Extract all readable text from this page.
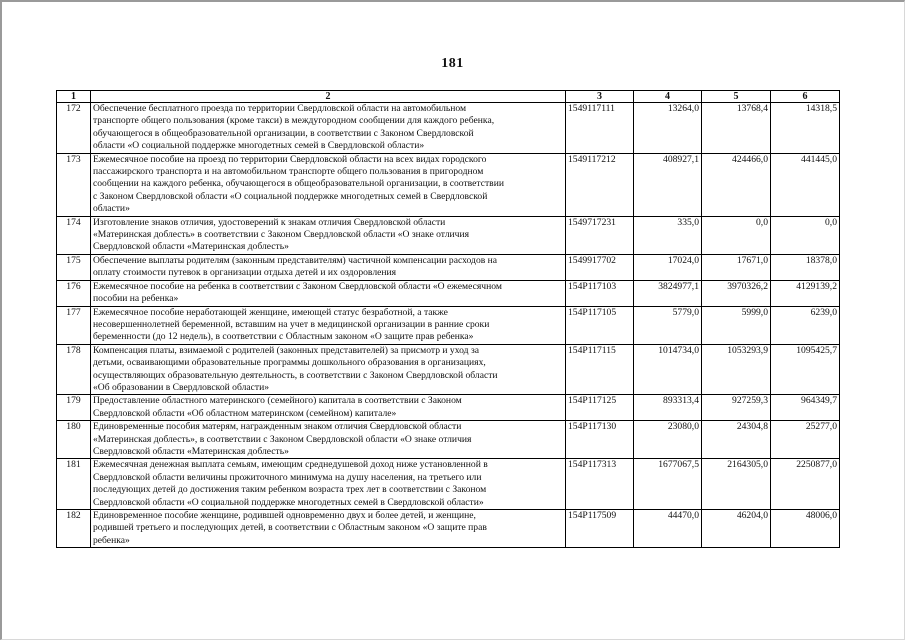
181
1	2	3	4	5	6
172	Обеспечение бесплатного проезда по территории Свердловской области на автомобильном
транспорте общего пользования (кроме такси) в междугородном сообщении для каждого ребенка,
обучающегося в общеобразовательной организации, в соответствии с Законом Свердловской
области «О социальной поддержке многодетных семей в Свердловской области»	1549117111	13264,0	13768,4	14318,5
173	Ежемесячное пособие на проезд по территории Свердловской области на всех видах городского
пассажирского транспорта и на автомобильном транспорте общего пользования в пригородном
сообщении на каждого ребенка, обучающегося в общеобразовательной организации, в соответствии
с Законом Свердловской области «О социальной поддержке многодетных семей в Свердловской
области»	1549117212	408927,1	424466,0	441445,0
174	Изготовление знаков отличия, удостоверений к знакам отличия Свердловской области
«Материнская доблесть» в соответствии с Законом Свердловской области «О знаке отличия
Свердловской области «Материнская доблесть»	1549717231	335,0	0,0	0,0
175	Обеспечение выплаты родителям (законным представителям) частичной компенсации расходов на
оплату стоимости путевок в организации отдыха детей и их оздоровления	1549917702	17024,0	17671,0	18378,0
176	Ежемесячное пособие на ребенка в соответствии с Законом Свердловской области «О ежемесячном
пособии на ребенка»	154Р117103	3824977,1	3970326,2	4129139,2
177	Ежемесячное пособие неработающей женщине, имеющей статус безработной, а также
несовершеннолетней беременной, вставшим на учет в медицинской организации в ранние сроки
беременности (до 12 недель), в соответствии с Областным законом «О защите прав ребенка»	154Р117105	5779,0	5999,0	6239,0
178	Компенсация платы, взимаемой с родителей (законных представителей) за присмотр и уход за
детьми, осваивающими образовательные программы дошкольного образования в организациях,
осуществляющих образовательную деятельность, в соответствии с Законом Свердловской области
«Об образовании в Свердловской области»	154Р117115	1014734,0	1053293,9	1095425,7
179	Предоставление областного материнского (семейного) капитала в соответствии с Законом
Свердловской области «Об областном материнском (семейном) капитале»	154Р117125	893313,4	927259,3	964349,7
180	Единовременные пособия матерям, награжденным знаком отличия Свердловской области
«Материнская доблесть», в соответствии с Законом Свердловской области «О знаке отличия
Свердловской области «Материнская доблесть»	154Р117130	23080,0	24304,8	25277,0
181	Ежемесячная денежная выплата семьям, имеющим среднедушевой доход ниже установленной в
Свердловской области величины прожиточного минимума на душу населения, на третьего или
последующих детей до достижения таким ребенком возраста трех лет в соответствии с Законом
Свердловской области «О социальной поддержке многодетных семей в Свердловской области»	154Р117313	1677067,5	2164305,0	2250877,0
182	Единовременное пособие женщине, родившей одновременно двух и более детей, и женщине,
родившей третьего и последующих детей, в соответствии с Областным законом «О защите прав
ребенка»	154Р117509	44470,0	46204,0	48006,0
